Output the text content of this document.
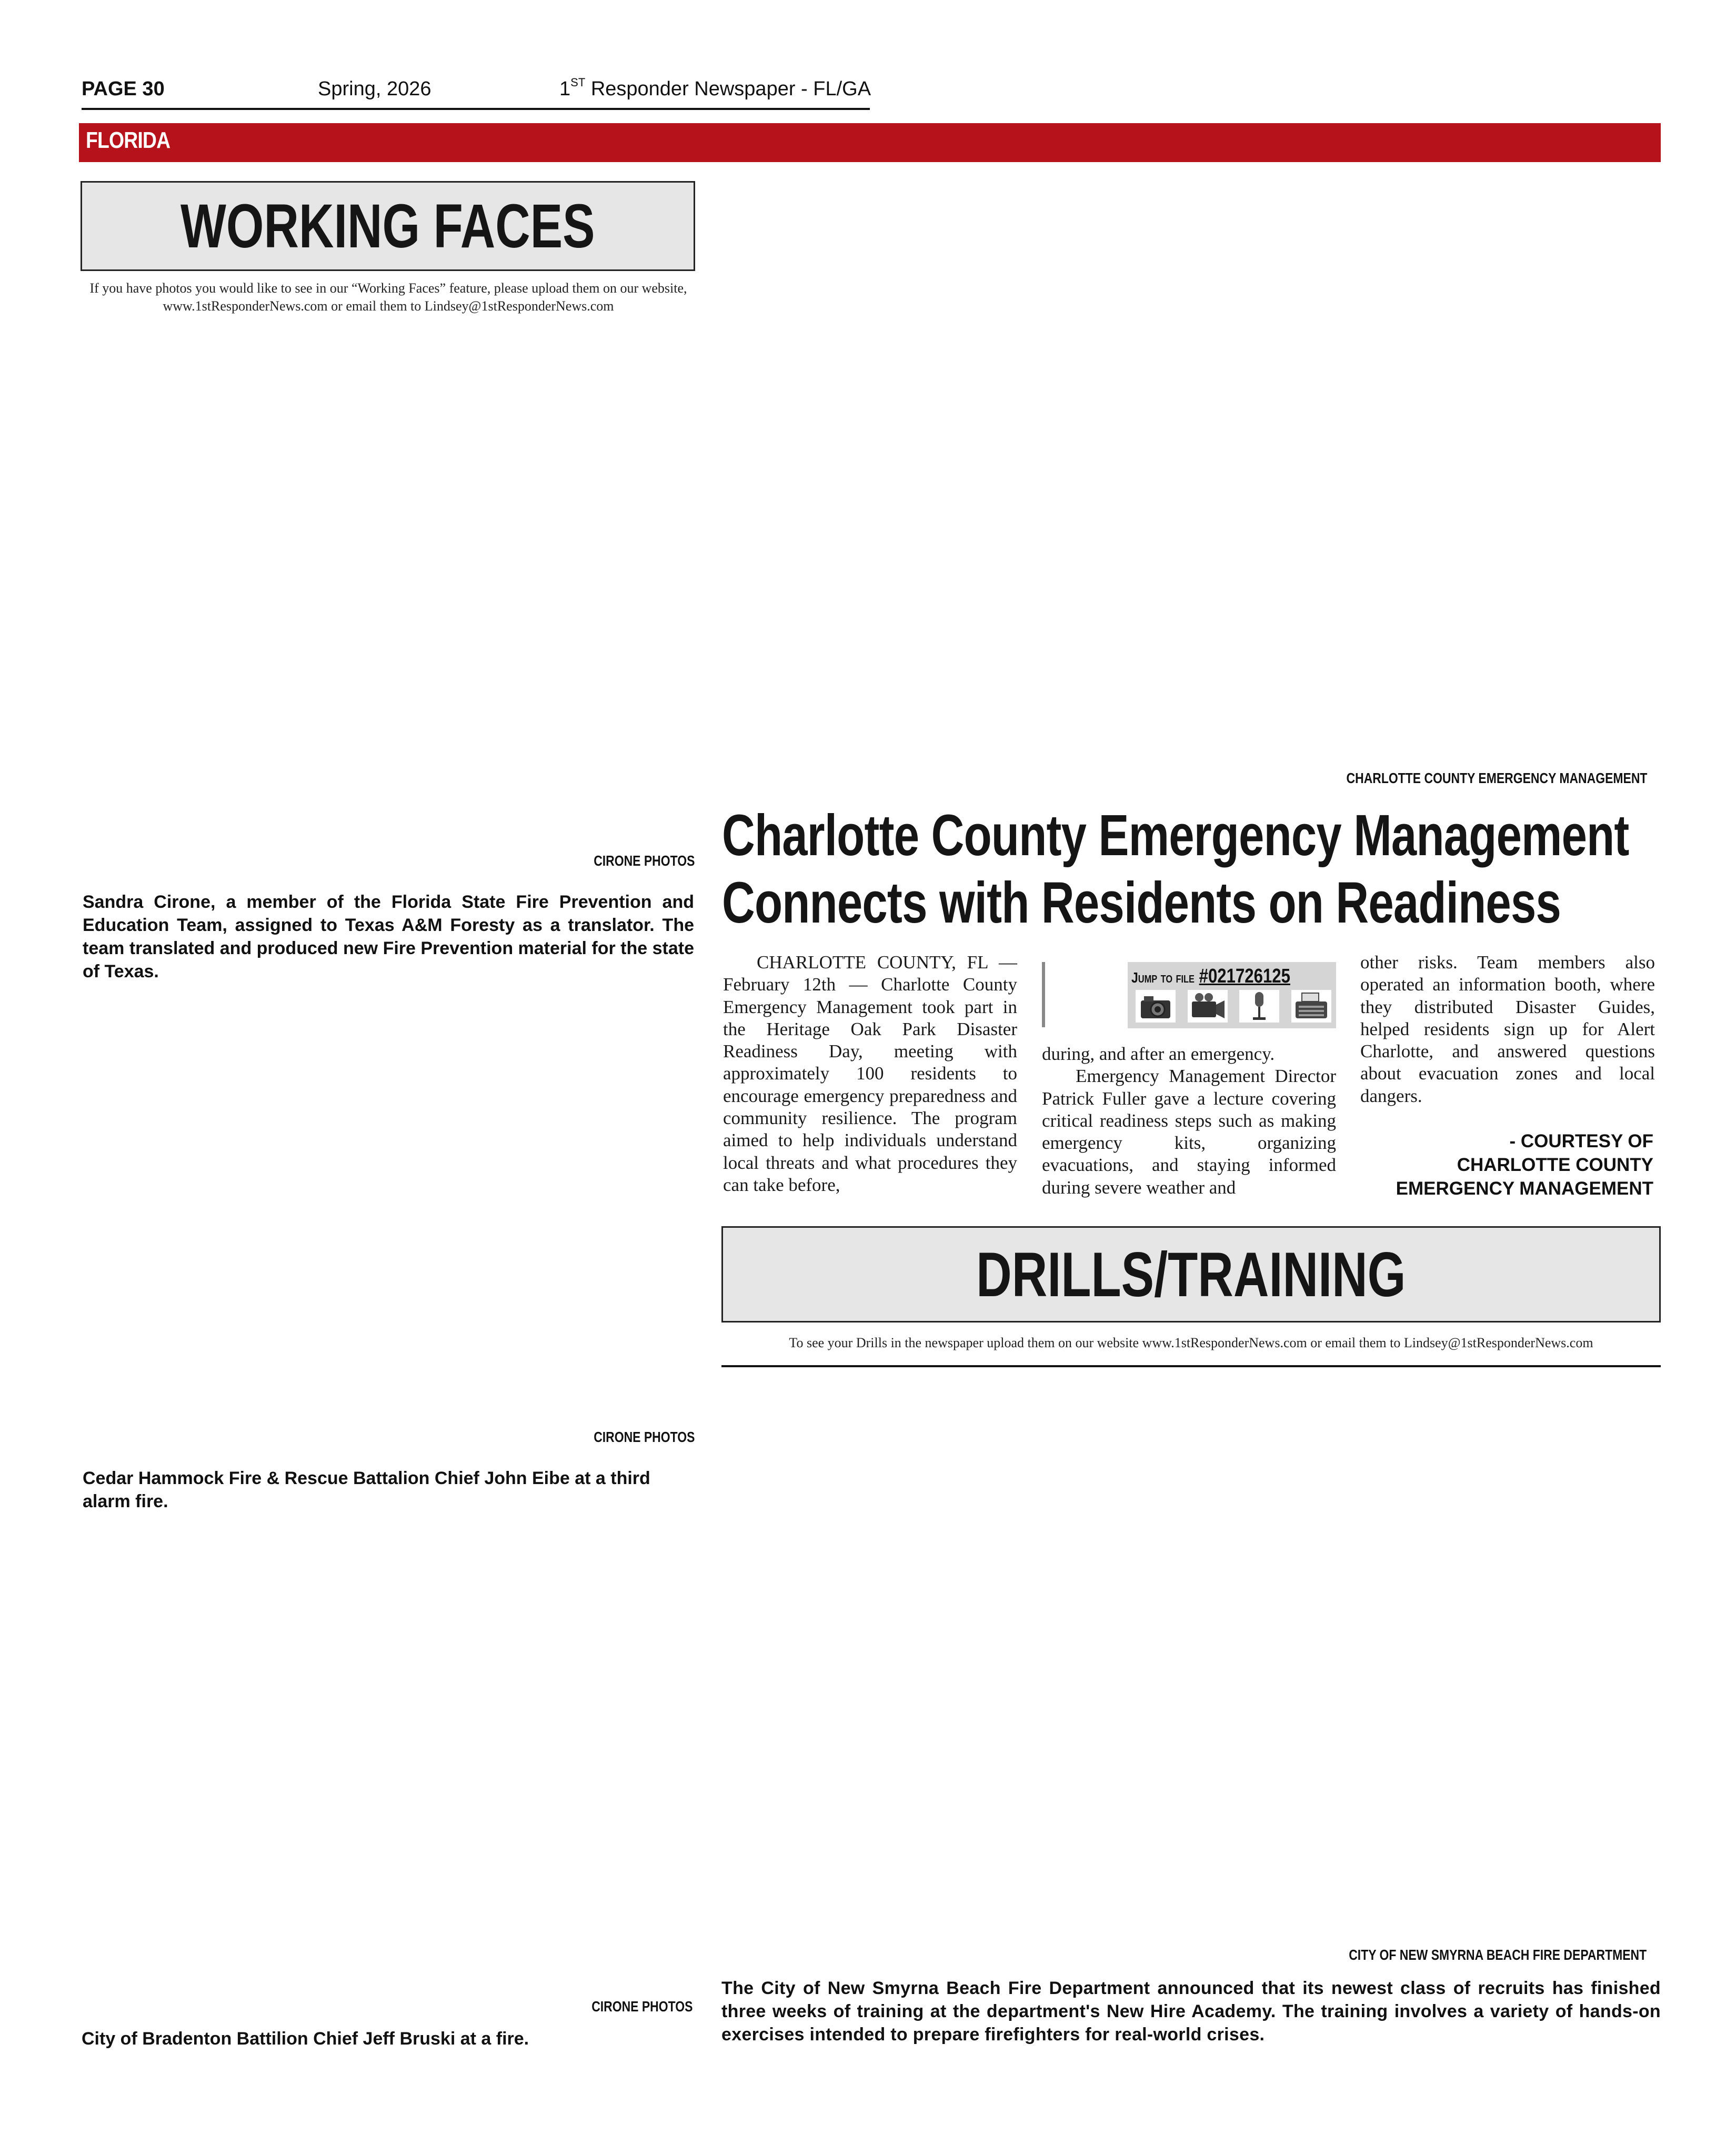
PAGE 30	Spring, 2026	1ST Responder Newspaper - FL/GA
FLORIDA
WORKING FACES
If you have photos you would like to see in our “Working Faces” feature, please upload them on our website, www.1stResponderNews.com or email them to Lindsey@1stResponderNews.com
CIRONE PHOTOS
Sandra Cirone, a member of the Florida State Fire Prevention and Education Team, assigned to Texas A&M Foresty as a translator. The team translated and produced new Fire Prevention material for the state of Texas.
CIRONE PHOTOS
Cedar Hammock Fire & Rescue Battalion Chief John Eibe at a third alarm fire.
CIRONE PHOTOS
City of Bradenton Battilion Chief Jeff Bruski at a fire.
CHARLOTTE COUNTY EMERGENCY MANAGEMENT
Charlotte County Emergency Management
Connects with Residents on Readiness

CHARLOTTE COUNTY, FL — February 12th — Charlotte County Emergency Management took part in the Heritage Oak Park Disaster Readiness Day, meeting with approximately 100 residents to encourage emergency preparedness and community resilience. The program aimed to help individuals understand local threats and what procedures they can take before,

Jump to file #021726125

during, and after an emergency.

Emergency Management Director Patrick Fuller gave a lecture covering critical readiness steps such as making emergency kits, organizing evacuations, and staying informed during severe weather and

other risks. Team members also operated an information booth, where they distributed Disaster Guides, helped residents sign up for Alert Charlotte, and answered questions about evacuation zones and local dangers.

- COURTESY OF
CHARLOTTE COUNTY
EMERGENCY MANAGEMENT
DRILLS/TRAINING
To see your Drills in the newspaper upload them on our website www.1stResponderNews.com or email them to Lindsey@1stResponderNews.com
CITY OF NEW SMYRNA BEACH FIRE DEPARTMENT
The City of New Smyrna Beach Fire Department announced that its newest class of recruits has finished three weeks of training at the department's New Hire Academy. The training involves a variety of hands-on exercises intended to prepare firefighters for real-world crises.
